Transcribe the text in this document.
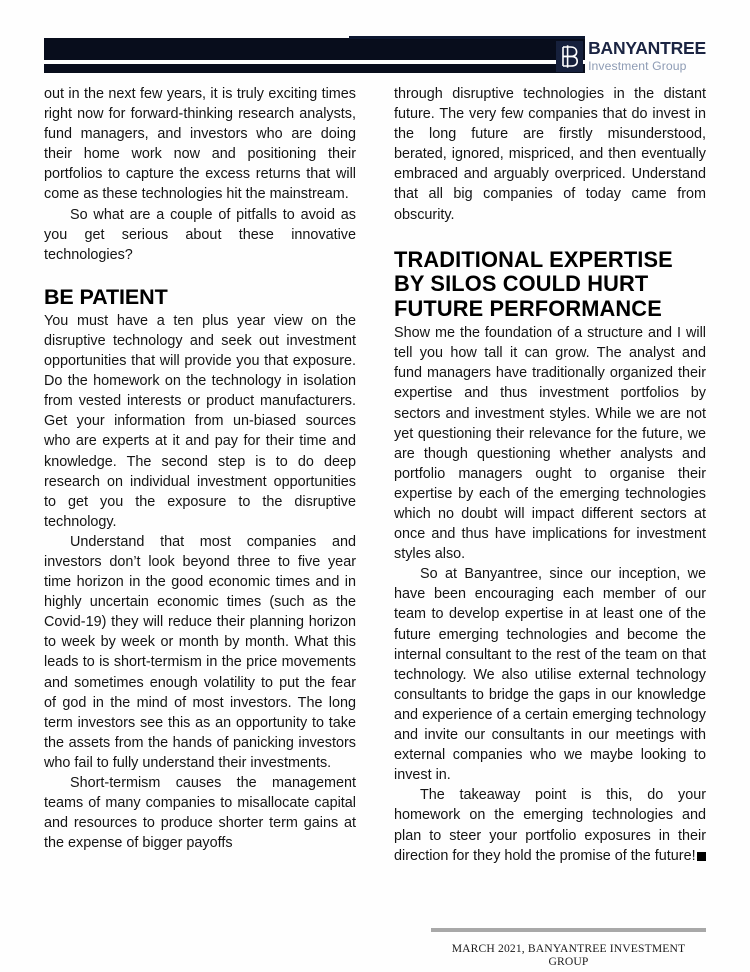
BANYANTREE
Investment Group

out in the next few years, it is truly exciting times right now for forward-thinking research analysts, fund managers, and investors who are doing their home work now and positioning their portfolios to capture the excess returns that will come as these technologies hit the mainstream.

So what are a couple of pitfalls to avoid as you get serious about these innovative technologies?

BE PATIENT

You must have a ten plus year view on the disruptive technology and seek out investment opportunities that will provide you that exposure. Do the homework on the technology in isolation from vested interests or product manufacturers. Get your information from un-biased sources who are experts at it and pay for their time and knowledge. The second step is to do deep research on individual investment opportunities to get you the exposure to the disruptive technology.

Understand that most companies and investors don’t look beyond three to five year time horizon in the good economic times and in highly uncertain economic times (such as the Covid-19) they will reduce their planning horizon to week by week or month by month. What this leads to is short-termism in the price movements and sometimes enough volatility to put the fear of god in the mind of most investors. The long term investors see this as an opportunity to take the assets from the hands of panicking investors who fail to fully understand their investments.

Short-termism causes the management teams of many companies to misallocate capital and resources to produce shorter term gains at the expense of bigger payoffs

through disruptive technologies in the distant future. The very few companies that do invest in the long future are firstly misunderstood, berated, ignored, mispriced, and then eventually embraced and arguably overpriced. Understand that all big companies of today came from obscurity.

TRADITIONAL EXPERTISE BY SILOS COULD HURT FUTURE PERFORMANCE

Show me the foundation of a structure and I will tell you how tall it can grow. The analyst and fund managers have traditionally organized their expertise and thus investment portfolios by sectors and investment styles. While we are not yet questioning their relevance for the future, we are though questioning whether analysts and portfolio managers ought to organise their expertise by each of the emerging technologies which no doubt will impact different sectors at once and thus have implications for investment styles also.

So at Banyantree, since our inception, we have been encouraging each member of our team to develop expertise in at least one of the future emerging technologies and become the internal consultant to the rest of the team on that technology. We also utilise external technology consultants to bridge the gaps in our knowledge and experience of a certain emerging technology and invite our consultants in our meetings with external companies who we maybe looking to invest in.

The takeaway point is this, do your homework on the emerging technologies and plan to steer your portfolio exposures in their direction for they hold the promise of the future!

MARCH 2021, BANYANTREE INVESTMENT GROUP
